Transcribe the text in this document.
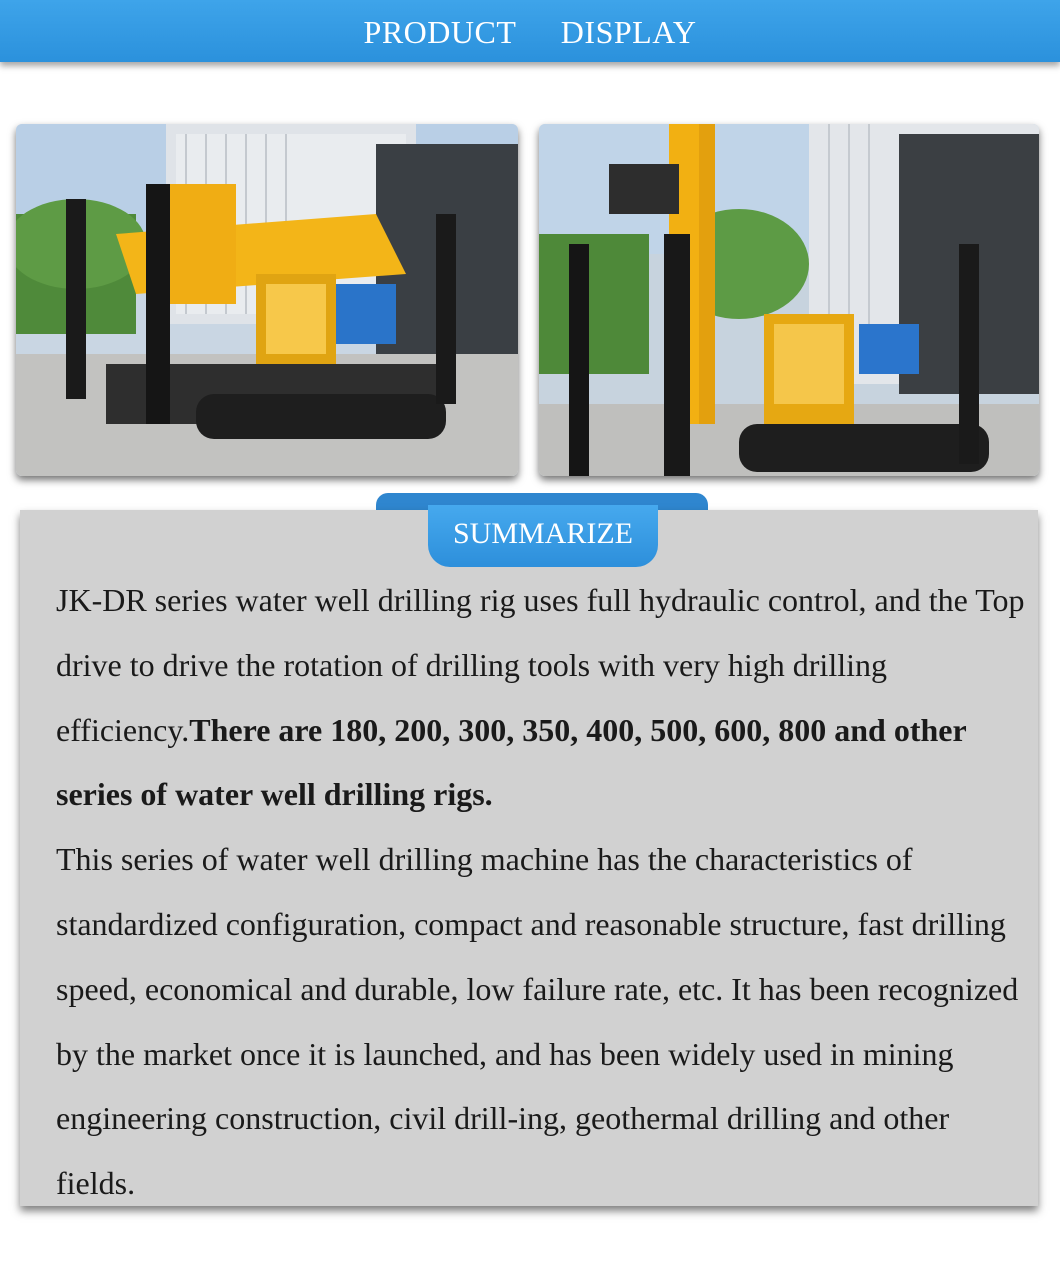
PRODUCT  DISPLAY
SUMMARIZE

JK-DR series water well drilling rig uses full hydraulic control, and the Top drive to drive the rotation of drilling tools with very high drilling efficiency.There are 180, 200, 300, 350, 400, 500, 600, 800 and other series of water well drilling rigs.

This series of water well drilling machine has the characteristics of standardized configuration, compact and reasonable structure, fast drilling speed, economical and durable, low failure rate, etc. It has been recognized by the market once it is launched, and has been widely used in mining engineering construction, civil drill-ing, geothermal drilling and other fields.
